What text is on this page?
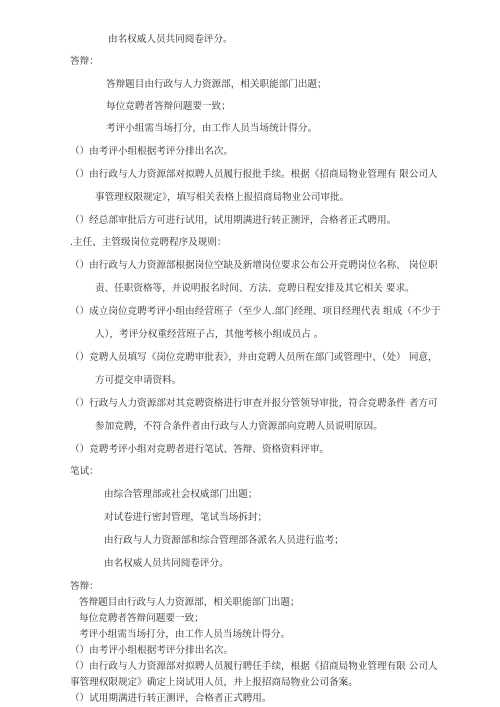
由名权威人员共同阅卷评分。
答辩：
答辩题目由行政与人力资源部，相关职能部门出题；
每位竞聘者答辩问题要一致；
考评小组需当场打分，由工作人员当场统计得分。
（）由考评小组根据考评分排出名次。
（）由行政与人力资源部对拟聘人员履行报批手续。根据《招商局物业管理有 限公司人
事管理权限规定》，填写相关表格上报招商局物业公司审批。
（）经总部审批后方可进行试用，试用期满进行转正测评，合格者正式聘用。
.主任、主管级岗位竞聘程序及规则：
（）由行政与人力资源部根据岗位空缺及新增岗位要求公布公开竞聘岗位名称、 岗位职
责、任职资格等，并说明报名时间、方法、竞聘日程安排及其它相关 要求。
（）成立岗位竞聘考评小组由经营班子（至少人.部门经理、项目经理代表 组成（不少于
人），考评分权重经营班子占，其他考核小组成员占 。
（）竞聘人员填写《岗位竞聘审批表》，并由竞聘人员所在部门或管理中、（处） 同意，
方可提交申请资料。
（）行政与人力资源部对其竞聘资格进行审查并报分管领导审批，符合竞聘条件 者方可
参加竞聘，不符合条件者由行政与人力资源部向竞聘人员说明原因。
（）竞聘考评小组对竞聘者进行笔试、答辩、资格资料评审。
笔试：
由综合管理部或社会权威部门出题；
对试卷进行密封管理，笔试当场拆封；
由行政与人力资源部和综合管理部各派名人员进行监考；
由名权威人员共同阅卷评分。
答辩：
答辩题目由行政与人力资源部，相关职能部门出题；
每位竞聘者答辩问题要一致；
考评小组需当场打分，由工作人员当场统计得分。
（）由考评小组根据考评分排出名次。
（）由行政与人力资源部对拟聘人员履行聘任手续，根据《招商局物业管理有限 公司人
事管理权限规定》确定上岗试用人员，并上报招商局物业公司备案。
（）试用期满进行转正测评，合格者正式聘用。
